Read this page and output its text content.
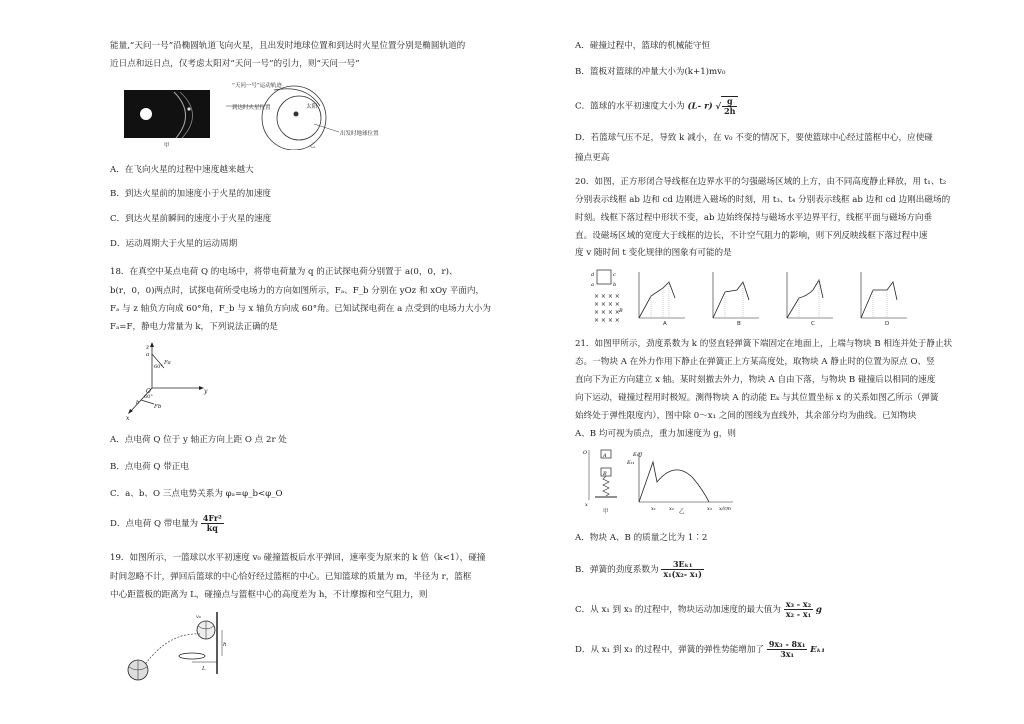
能量,“天问一号”沿椭圆轨道飞向火星，且出发时地球位置和到达时火星位置分别是椭圆轨道的
近日点和远日点，仅考虑太阳对“天问一号”的引力，则“天问一号”
“天问一号”运动轨迹
到达时火星位置	太阳
出发时地球位置
甲	乙
A．在飞向火星的过程中速度越来越大
B．到达火星前的加速度小于火星的加速度
C．到达火星前瞬间的速度小于火星的速度
D．运动周期大于火星的运动周期
18．在真空中某点电荷 Q 的电场中，将带电荷量为 q 的正试探电荷分别置于 a(0，0，r)、
b(r，0，0)两点时，试探电荷所受电场力的方向如图所示，Fₐ、F_b 分别在 yOz 和 xOy 平面内，
Fₐ 与 z 轴负方向成 60°角，F_b 与 x 轴负方向成 60°角。已知试探电荷在 a 点受到的电场力大小为
Fₐ=F，静电力常量为 k，下列说法正确的是
z
a
Fa
60°
O	y
60°
Fb
b
x
A．点电荷 Q 位于 y 轴正方向上距 O 点 2r 处
B．点电荷 Q 带正电
C．a、b、O 三点电势关系为 φₐ=φ_b<φ_O
D．点电荷 Q 带电量为 $\frac{\text{4Fr²}}{kq}$
19．如图所示，一篮球以水平初速度 v₀ 碰撞篮板后水平弹回，速率变为原来的 k 倍（k<1），碰撞
时间忽略不计，弹回后篮球的中心恰好经过篮框的中心。已知篮球的质量为 m，半径为 r，篮框
中心距篮板的距离为 L，碰撞点与篮框中心的高度差为 h，不计摩擦和空气阻力，则
L
h
v₀
A．碰撞过程中，篮球的机械能守恒
B．篮板对篮球的冲量大小为(k+1)mv₀
C．篮球的水平初速度大小为 (L- r) √ $\frac{g}{2h}$
D．若篮球气压不足，导致 k 减小，在 v₀ 不变的情况下，要使篮球中心经过篮框中心，应使碰
撞点更高
20．如图，正方形闭合导线框在边界水平的匀强磁场区域的上方，由不同高度静止释放，用 t₁、t₂
分别表示线框 ab 边和 cd 边刚进入磁场的时刻，用 t₃、t₄ 分别表示线框 ab 边和 cd 边刚出磁场的
时刻。线框下落过程中形状不变，ab 边始终保持与磁场水平边界平行，线框平面与磁场方向垂
直。设磁场区域的宽度大于线框的边长，不计空气阻力的影响，则下列反映线框下落过程中速
度 v 随时间 t 变化规律的图象有可能的是
d	c
a	b
× × × ×
× × × ×
× × × ×
× × × ×
B
A	B	C	D
21．如图甲所示，劲度系数为 k 的竖直轻弹簧下端固定在地面上，上端与物块 B 相连并处于静止状
态。一物块 A 在外力作用下静止在弹簧正上方某高度处，取物块 A 静止时的位置为原点 O、竖
直向下为正方向建立 x 轴。某时刻撤去外力，物块 A 自由下落，与物块 B 碰撞后以相同的速度
向下运动，碰撞过程用时极短。测得物块 A 的动能 Eₖ 与其位置坐标 x 的关系如图乙所示（弹簧
始终处于弹性限度内），图中除 0～x₁ 之间的图线为直线外，其余部分均为曲线。已知物块
A、B 均可视为质点，重力加速度为 g，则
A
B
O
x
Eₖ₁
Eₖ/J
x₁	x₂	x₃ x/cm
甲	乙
A．物块 A、B 的质量之比为 1∶2
B．弹簧的劲度系数为 $\frac{\text{3Eₖ₁}}{\text{x₁(x₂- x₁)}}$
C．从 x₁ 到 x₃ 的过程中，物块运动加速度的最大值为 $\frac{\text{x₃ - x₂}}{\text{x₂ - x₁}}$ g
D．从 x₁ 到 x₃ 的过程中，弹簧的弹性势能增加了 $\frac{\text{9x₃ - 8x₁}}{\text{3x₁}} E_{k1}$
